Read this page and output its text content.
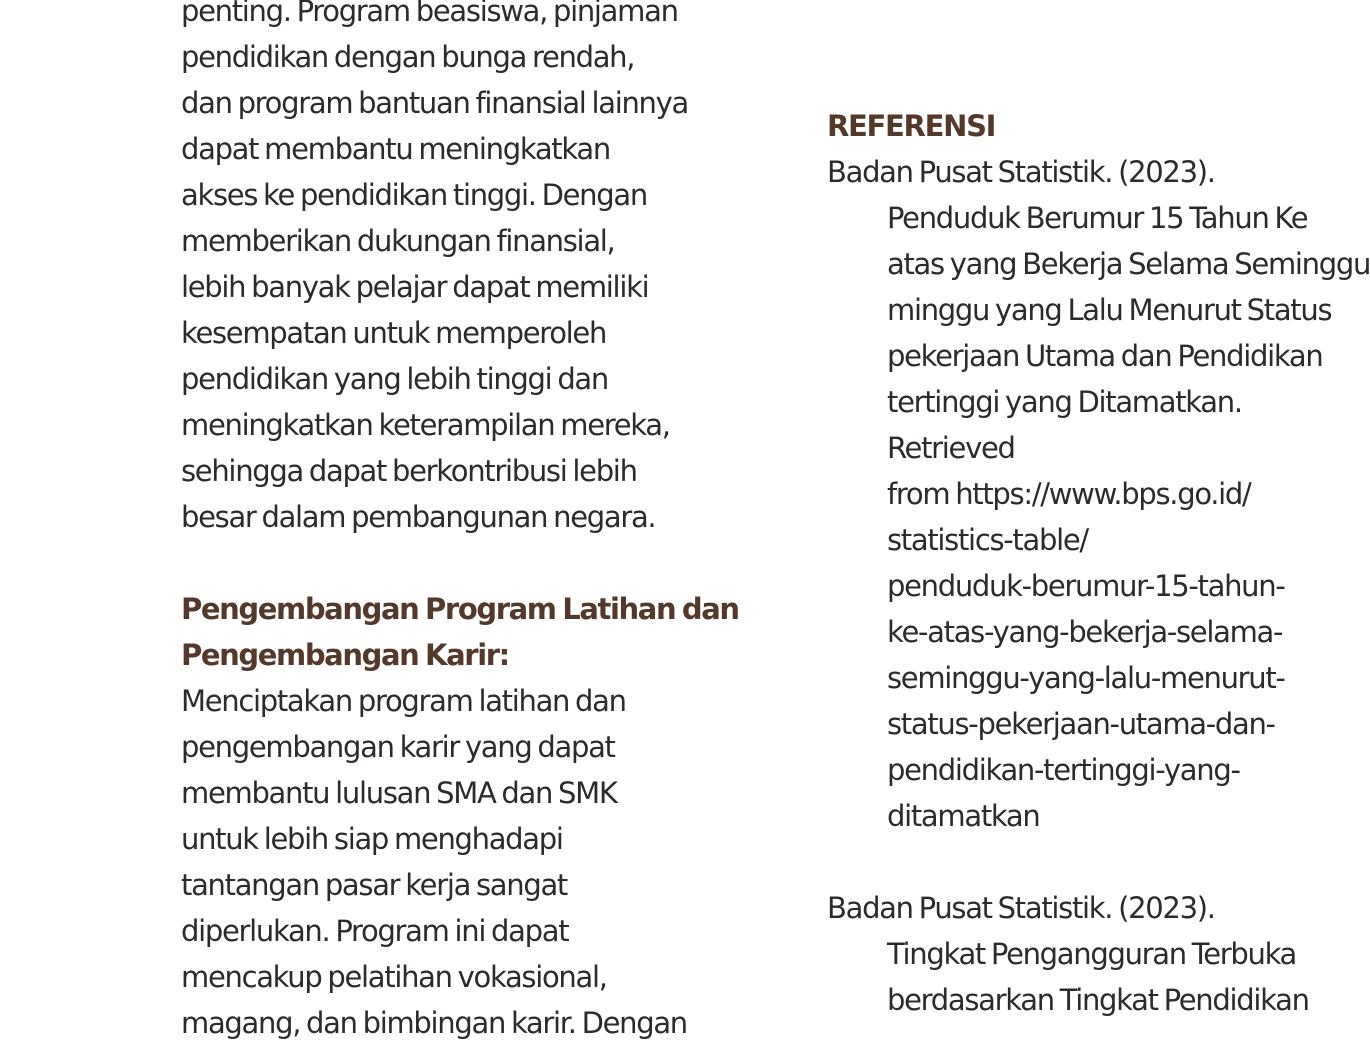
penting. Program beasiswa, pinjaman
pendidikan dengan bunga rendah,
dan program bantuan finansial lainnya
dapat membantu meningkatkan
akses ke pendidikan tinggi. Dengan
memberikan dukungan finansial,
lebih banyak pelajar dapat memiliki
kesempatan untuk memperoleh
pendidikan yang lebih tinggi dan
meningkatkan keterampilan mereka,
sehingga dapat berkontribusi lebih
besar dalam pembangunan negara.
Pengembangan Program Latihan dan
Pengembangan Karir:
Menciptakan program latihan dan
pengembangan karir yang dapat
membantu lulusan SMA dan SMK
untuk lebih siap menghadapi
tantangan pasar kerja sangat
diperlukan. Program ini dapat
mencakup pelatihan vokasional,
magang, dan bimbingan karir. Dengan
REFERENSI
Badan Pusat Statistik. (2023).
Penduduk Berumur 15 Tahun Ke
atas yang Bekerja Selama Seminggu
minggu yang Lalu Menurut Status
pekerjaan Utama dan Pendidikan
tertinggi yang Ditamatkan.
Retrieved
from https://www.bps.go.id/
statistics-table/
penduduk-berumur-15-tahun-
ke-atas-yang-bekerja-selama-
seminggu-yang-lalu-menurut-
status-pekerjaan-utama-dan-
pendidikan-tertinggi-yang-
ditamatkan
Badan Pusat Statistik. (2023).
Tingkat Pengangguran Terbuka
berdasarkan Tingkat Pendidikan
